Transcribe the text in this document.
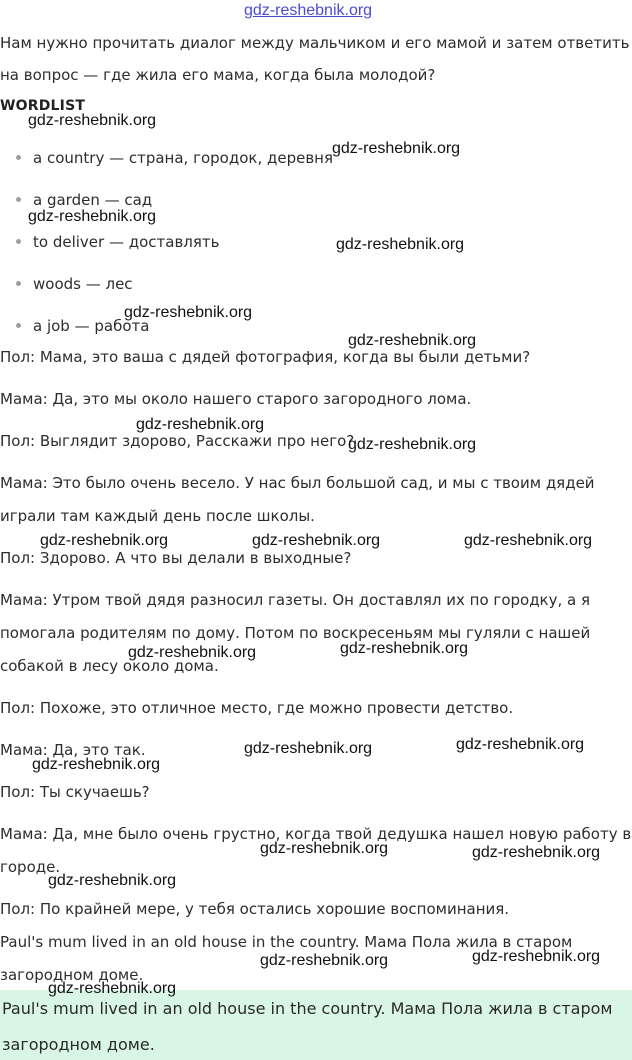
gdz-reshebnik.org
Нам нужно прочитать диалог между мальчиком и его мамой и затем ответить
на вопрос — где жила его мама, когда была молодой?
WORDLIST
a country — страна, городок, деревня
a garden — сад
to deliver — доставлять
woods — лес
a job — работа
Пол: Мама, это ваша с дядей фотография, когда вы были детьми?
Мама: Да, это мы около нашего старого загородного лома.
Пол: Выглядит здорово, Расскажи про него?
Мама: Это было очень весело. У нас был большой сад, и мы с твоим дядей
играли там каждый день после школы.
Пол: Здорово. А что вы делали в выходные?
Мама: Утром твой дядя разносил газеты. Он доставлял их по городку, а я
помогала родителям по дому. Потом по воскресеньям мы гуляли с нашей
собакой в лесу около дома.
Пол: Похоже, это отличное место, где можно провести детство.
Мама: Да, это так.
Пол: Ты скучаешь?
Мама: Да, мне было очень грустно, когда твой дедушка нашел новую работу в
городе.
Пол: По крайней мере, у тебя остались хорошие воспоминания.
Paul's mum lived in an old house in the country. Мама Пола жила в старом
загородном доме.
Paul's mum lived in an old house in the country. Мама Пола жила в старом
загородном доме.
gdz-reshebnik.org
gdz-reshebnik.org
gdz-reshebnik.org
gdz-reshebnik.org
gdz-reshebnik.org
gdz-reshebnik.org
gdz-reshebnik.org
gdz-reshebnik.org
gdz-reshebnik.org	gdz-reshebnik.org	gdz-reshebnik.org
gdz-reshebnik.org	gdz-reshebnik.org
gdz-reshebnik.org	gdz-reshebnik.org
gdz-reshebnik.org
gdz-reshebnik.org	gdz-reshebnik.org
gdz-reshebnik.org
gdz-reshebnik.org	gdz-reshebnik.org
gdz-reshebnik.org
